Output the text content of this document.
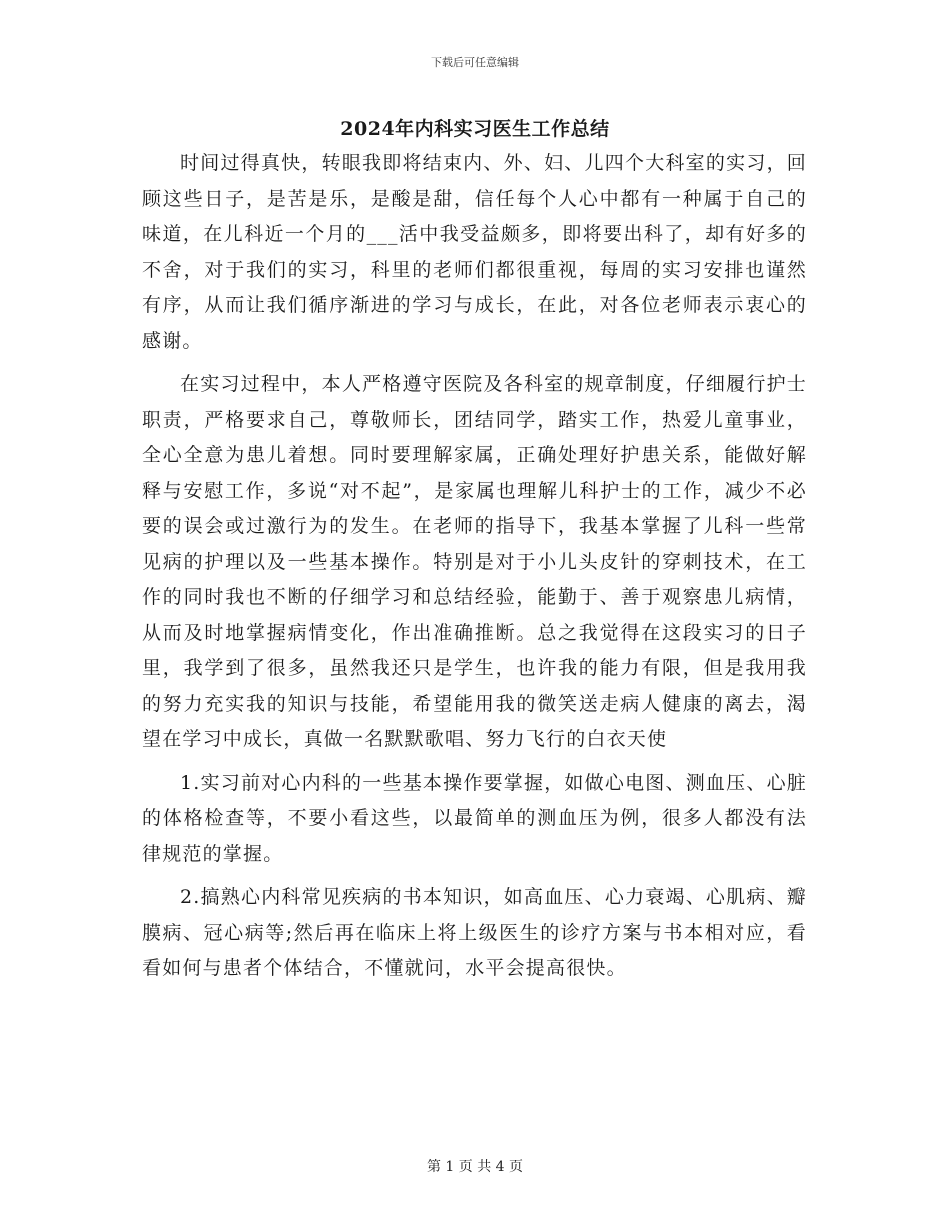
下载后可任意编辑
2024年内科实习医生工作总结

时间过得真快，转眼我即将结束内、外、妇、儿四个大科室的实习，回顾这些日子，是苦是乐，是酸是甜，信任每个人心中都有一种属于自己的味道，在儿科近一个月的___活中我受益颇多，即将要出科了，却有好多的不舍，对于我们的实习，科里的老师们都很重视，每周的实习安排也谨然有序，从而让我们循序渐进的学习与成长，在此，对各位老师表示衷心的感谢。

在实习过程中，本人严格遵守医院及各科室的规章制度，仔细履行护士职责，严格要求自己，尊敬师长，团结同学，踏实工作，热爱儿童事业，全心全意为患儿着想。同时要理解家属，正确处理好护患关系，能做好解释与安慰工作，多说“对不起”，是家属也理解儿科护士的工作，减少不必要的误会或过激行为的发生。在老师的指导下，我基本掌握了儿科一些常见病的护理以及一些基本操作。特别是对于小儿头皮针的穿刺技术，在工作的同时我也不断的仔细学习和总结经验，能勤于、善于观察患儿病情，从而及时地掌握病情变化，作出准确推断。总之我觉得在这段实习的日子里，我学到了很多，虽然我还只是学生，也许我的能力有限，但是我用我的努力充实我的知识与技能，希望能用我的微笑送走病人健康的离去，渴望在学习中成长，真做一名默默歌唱、努力飞行的白衣天使

1.实习前对心内科的一些基本操作要掌握，如做心电图、测血压、心脏的体格检查等，不要小看这些，以最简单的测血压为例，很多人都没有法律规范的掌握。

2.搞熟心内科常见疾病的书本知识，如高血压、心力衰竭、心肌病、瓣膜病、冠心病等;然后再在临床上将上级医生的诊疗方案与书本相对应，看看如何与患者个体结合，不懂就问，水平会提高很快。

第 1 页 共 4 页
